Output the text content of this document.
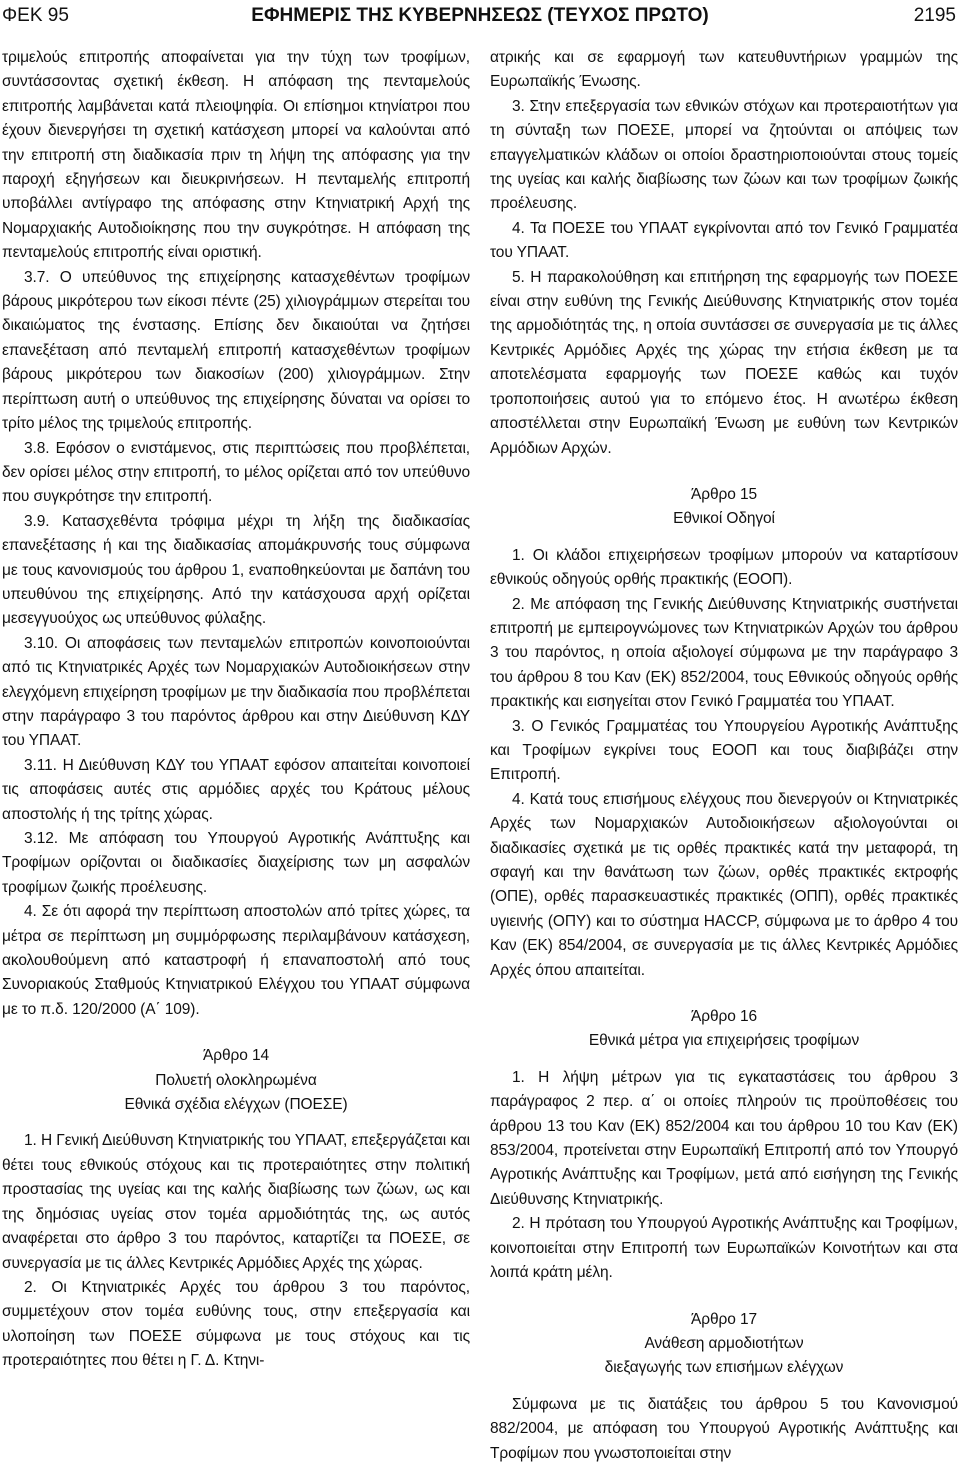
ΦΕΚ 95	ΕΦΗΜΕΡΙΣ ΤΗΣ ΚΥΒΕΡΝΗΣΕΩΣ (ΤΕΥΧΟΣ ΠΡΩΤΟ)	2195

τριμελούς επιτροπής αποφαίνεται για την τύχη των τροφίμων, συντάσσοντας σχετική έκθεση. Η απόφαση της πενταμελούς επιτροπής λαμβάνεται κατά πλειοψηφία. Οι επίσημοι κτηνίατροι που έχουν διενεργήσει τη σχετική κατάσχεση μπορεί να καλούνται από την επιτροπή στη διαδικασία πριν τη λήψη της απόφασης για την παροχή εξηγήσεων και διευκρινήσεων. Η πενταμελής επιτροπή υποβάλλει αντίγραφο της απόφασης στην Κτηνιατρική Αρχή της Νομαρχιακής Αυτοδιοίκησης που την συγκρότησε. Η απόφαση της πενταμελούς επιτροπής είναι οριστική.

3.7. Ο υπεύθυνος της επιχείρησης κατασχεθέντων τροφίμων βάρους μικρότερου των είκοσι πέντε (25) χιλιογράμμων στερείται του δικαιώματος της ένστασης. Επίσης δεν δικαιούται να ζητήσει επανεξέταση από πενταμελή επιτροπή κατασχεθέντων τροφίμων βάρους μικρότερου των διακοσίων (200) χιλιογράμμων. Στην περίπτωση αυτή ο υπεύθυνος της επιχείρησης δύναται να ορίσει το τρίτο μέλος της τριμελούς επιτροπής.

3.8. Εφόσον ο ενιστάμενος, στις περιπτώσεις που προβλέπεται, δεν ορίσει μέλος στην επιτροπή, το μέλος ορίζεται από τον υπεύθυνο που συγκρότησε την επιτροπή.

3.9. Κατασχεθέντα τρόφιμα μέχρι τη λήξη της διαδικασίας επανεξέτασης ή και της διαδικασίας απομάκρυνσής τους σύμφωνα με τους κανονισμούς του άρθρου 1, εναποθηκεύονται με δαπάνη του υπευθύνου της επιχείρησης. Από την κατάσχουσα αρχή ορίζεται μεσεγγυούχος ως υπεύθυνος φύλαξης.

3.10. Οι αποφάσεις των πενταμελών επιτροπών κοινοποιούνται από τις Κτηνιατρικές Αρχές των Νομαρχιακών Αυτοδιοικήσεων στην ελεγχόμενη επιχείρηση τροφίμων με την διαδικασία που προβλέπεται στην παράγραφο 3 του παρόντος άρθρου και στην Διεύθυνση ΚΔΥ του ΥΠΑΑΤ.

3.11. Η Διεύθυνση ΚΔΥ του ΥΠΑΑΤ εφόσον απαιτείται κοινοποιεί τις αποφάσεις αυτές στις αρμόδιες αρχές του Κράτους μέλους αποστολής ή της τρίτης χώρας.

3.12. Με απόφαση του Υπουργού Αγροτικής Ανάπτυξης και Τροφίμων ορίζονται οι διαδικασίες διαχείρισης των μη ασφαλών τροφίμων ζωικής προέλευσης.

4. Σε ότι αφορά την περίπτωση αποστολών από τρίτες χώρες, τα μέτρα σε περίπτωση μη συμμόρφωσης περιλαμβάνουν κατάσχεση, ακολουθούμενη από καταστροφή ή επαναποστολή από τους Συνοριακούς Σταθμούς Κτηνιατρικού Ελέγχου του ΥΠΑΑΤ σύμφωνα με το π.δ. 120/2000 (Α΄ 109).

Άρθρο 14
Πολυετή ολοκληρωμένα
Εθνικά σχέδια ελέγχων (ΠΟΕΣΕ)

1. Η Γενική Διεύθυνση Κτηνιατρικής του ΥΠΑΑΤ, επεξεργάζεται και θέτει τους εθνικούς στόχους και τις προτεραιότητες στην πολιτική προστασίας της υγείας και της καλής διαβίωσης των ζώων, ως και της δημόσιας υγείας στον τομέα αρμοδιότητάς της, ως αυτός αναφέρεται στο άρθρο 3 του παρόντος, καταρτίζει τα ΠΟΕΣΕ, σε συνεργασία με τις άλλες Κεντρικές Αρμόδιες Αρχές της χώρας.

2. Οι Κτηνιατρικές Αρχές του άρθρου 3 του παρόντος, συμμετέχουν στον τομέα ευθύνης τους, στην επεξεργασία και υλοποίηση των ΠΟΕΣΕ σύμφωνα με τους στόχους και τις προτεραιότητες που θέτει η Γ. Δ. Κτηνι-

ατρικής και σε εφαρμογή των κατευθυντήριων γραμμών της Ευρωπαϊκής Ένωσης.

3. Στην επεξεργασία των εθνικών στόχων και προτεραιοτήτων για τη σύνταξη των ΠΟΕΣΕ, μπορεί να ζητούνται οι απόψεις των επαγγελματικών κλάδων οι οποίοι δραστηριοποιούνται στους τομείς της υγείας και καλής διαβίωσης των ζώων και των τροφίμων ζωικής προέλευσης.

4. Τα ΠΟΕΣΕ του ΥΠΑΑΤ εγκρίνονται από τον Γενικό Γραμματέα του ΥΠΑΑΤ.

5. Η παρακολούθηση και επιτήρηση της εφαρμογής των ΠΟΕΣΕ είναι στην ευθύνη της Γενικής Διεύθυνσης Κτηνιατρικής στον τομέα της αρμοδιότητάς της, η οποία συντάσσει σε συνεργασία με τις άλλες Κεντρικές Αρμόδιες Αρχές της χώρας την ετήσια έκθεση με τα αποτελέσματα εφαρμογής των ΠΟΕΣΕ καθώς και τυχόν τροποποιήσεις αυτού για το επόμενο έτος. Η ανωτέρω έκθεση αποστέλλεται στην Ευρωπαϊκή Ένωση με ευθύνη των Κεντρικών Αρμόδιων Αρχών.

Άρθρο 15
Εθνικοί Οδηγοί

1. Οι κλάδοι επιχειρήσεων τροφίμων μπορούν να καταρτίσουν εθνικούς οδηγούς ορθής πρακτικής (ΕΟΟΠ).

2. Με απόφαση της Γενικής Διεύθυνσης Κτηνιατρικής συστήνεται επιτροπή με εμπειρογνώμονες των Κτηνιατρικών Αρχών του άρθρου 3 του παρόντος, η οποία αξιολογεί σύμφωνα με την παράγραφο 3 του άρθρου 8 του Καν (ΕΚ) 852/2004, τους Εθνικούς οδηγούς ορθής πρακτικής και εισηγείται στον Γενικό Γραμματέα του ΥΠΑΑΤ.

3. Ο Γενικός Γραμματέας του Υπουργείου Αγροτικής Ανάπτυξης και Τροφίμων εγκρίνει τους ΕΟΟΠ και τους διαβιβάζει στην Επιτροπή.

4. Κατά τους επισήμους ελέγχους που διενεργούν οι Κτηνιατρικές Αρχές των Νομαρχιακών Αυτοδιοικήσεων αξιολογούνται οι διαδικασίες σχετικά με τις ορθές πρακτικές κατά την μεταφορά, τη σφαγή και την θανάτωση των ζώων, ορθές πρακτικές εκτροφής (ΟΠΕ), ορθές παρασκευαστικές πρακτικές (ΟΠΠ), ορθές πρακτικές υγιεινής (ΟΠΥ) και το σύστημα HACCP, σύμφωνα με το άρθρο 4 του Καν (ΕΚ) 854/2004, σε συνεργασία με τις άλλες Κεντρικές Αρμόδιες Αρχές όπου απαιτείται.

Άρθρο 16
Εθνικά μέτρα για επιχειρήσεις τροφίμων

1. Η λήψη μέτρων για τις εγκαταστάσεις του άρθρου 3 παράγραφος 2 περ. α΄ οι οποίες πληρούν τις προϋποθέσεις του άρθρου 13 του Καν (ΕΚ) 852/2004 και του άρθρου 10 του Καν (ΕΚ) 853/2004, προτείνεται στην Ευρωπαϊκή Επιτροπή από τον Υπουργό Αγροτικής Ανάπτυξης και Τροφίμων, μετά από εισήγηση της Γενικής Διεύθυνσης Κτηνιατρικής.

2. Η πρόταση του Υπουργού Αγροτικής Ανάπτυξης και Τροφίμων, κοινοποιείται στην Επιτροπή των Ευρωπαϊκών Κοινοτήτων και στα λοιπά κράτη μέλη.

Άρθρο 17
Ανάθεση αρμοδιοτήτων
διεξαγωγής των επισήμων ελέγχων

Σύμφωνα με τις διατάξεις του άρθρου 5 του Κανονισμού 882/2004, με απόφαση του Υπουργού Αγροτικής Ανάπτυξης και Τροφίμων που γνωστοποιείται στην
